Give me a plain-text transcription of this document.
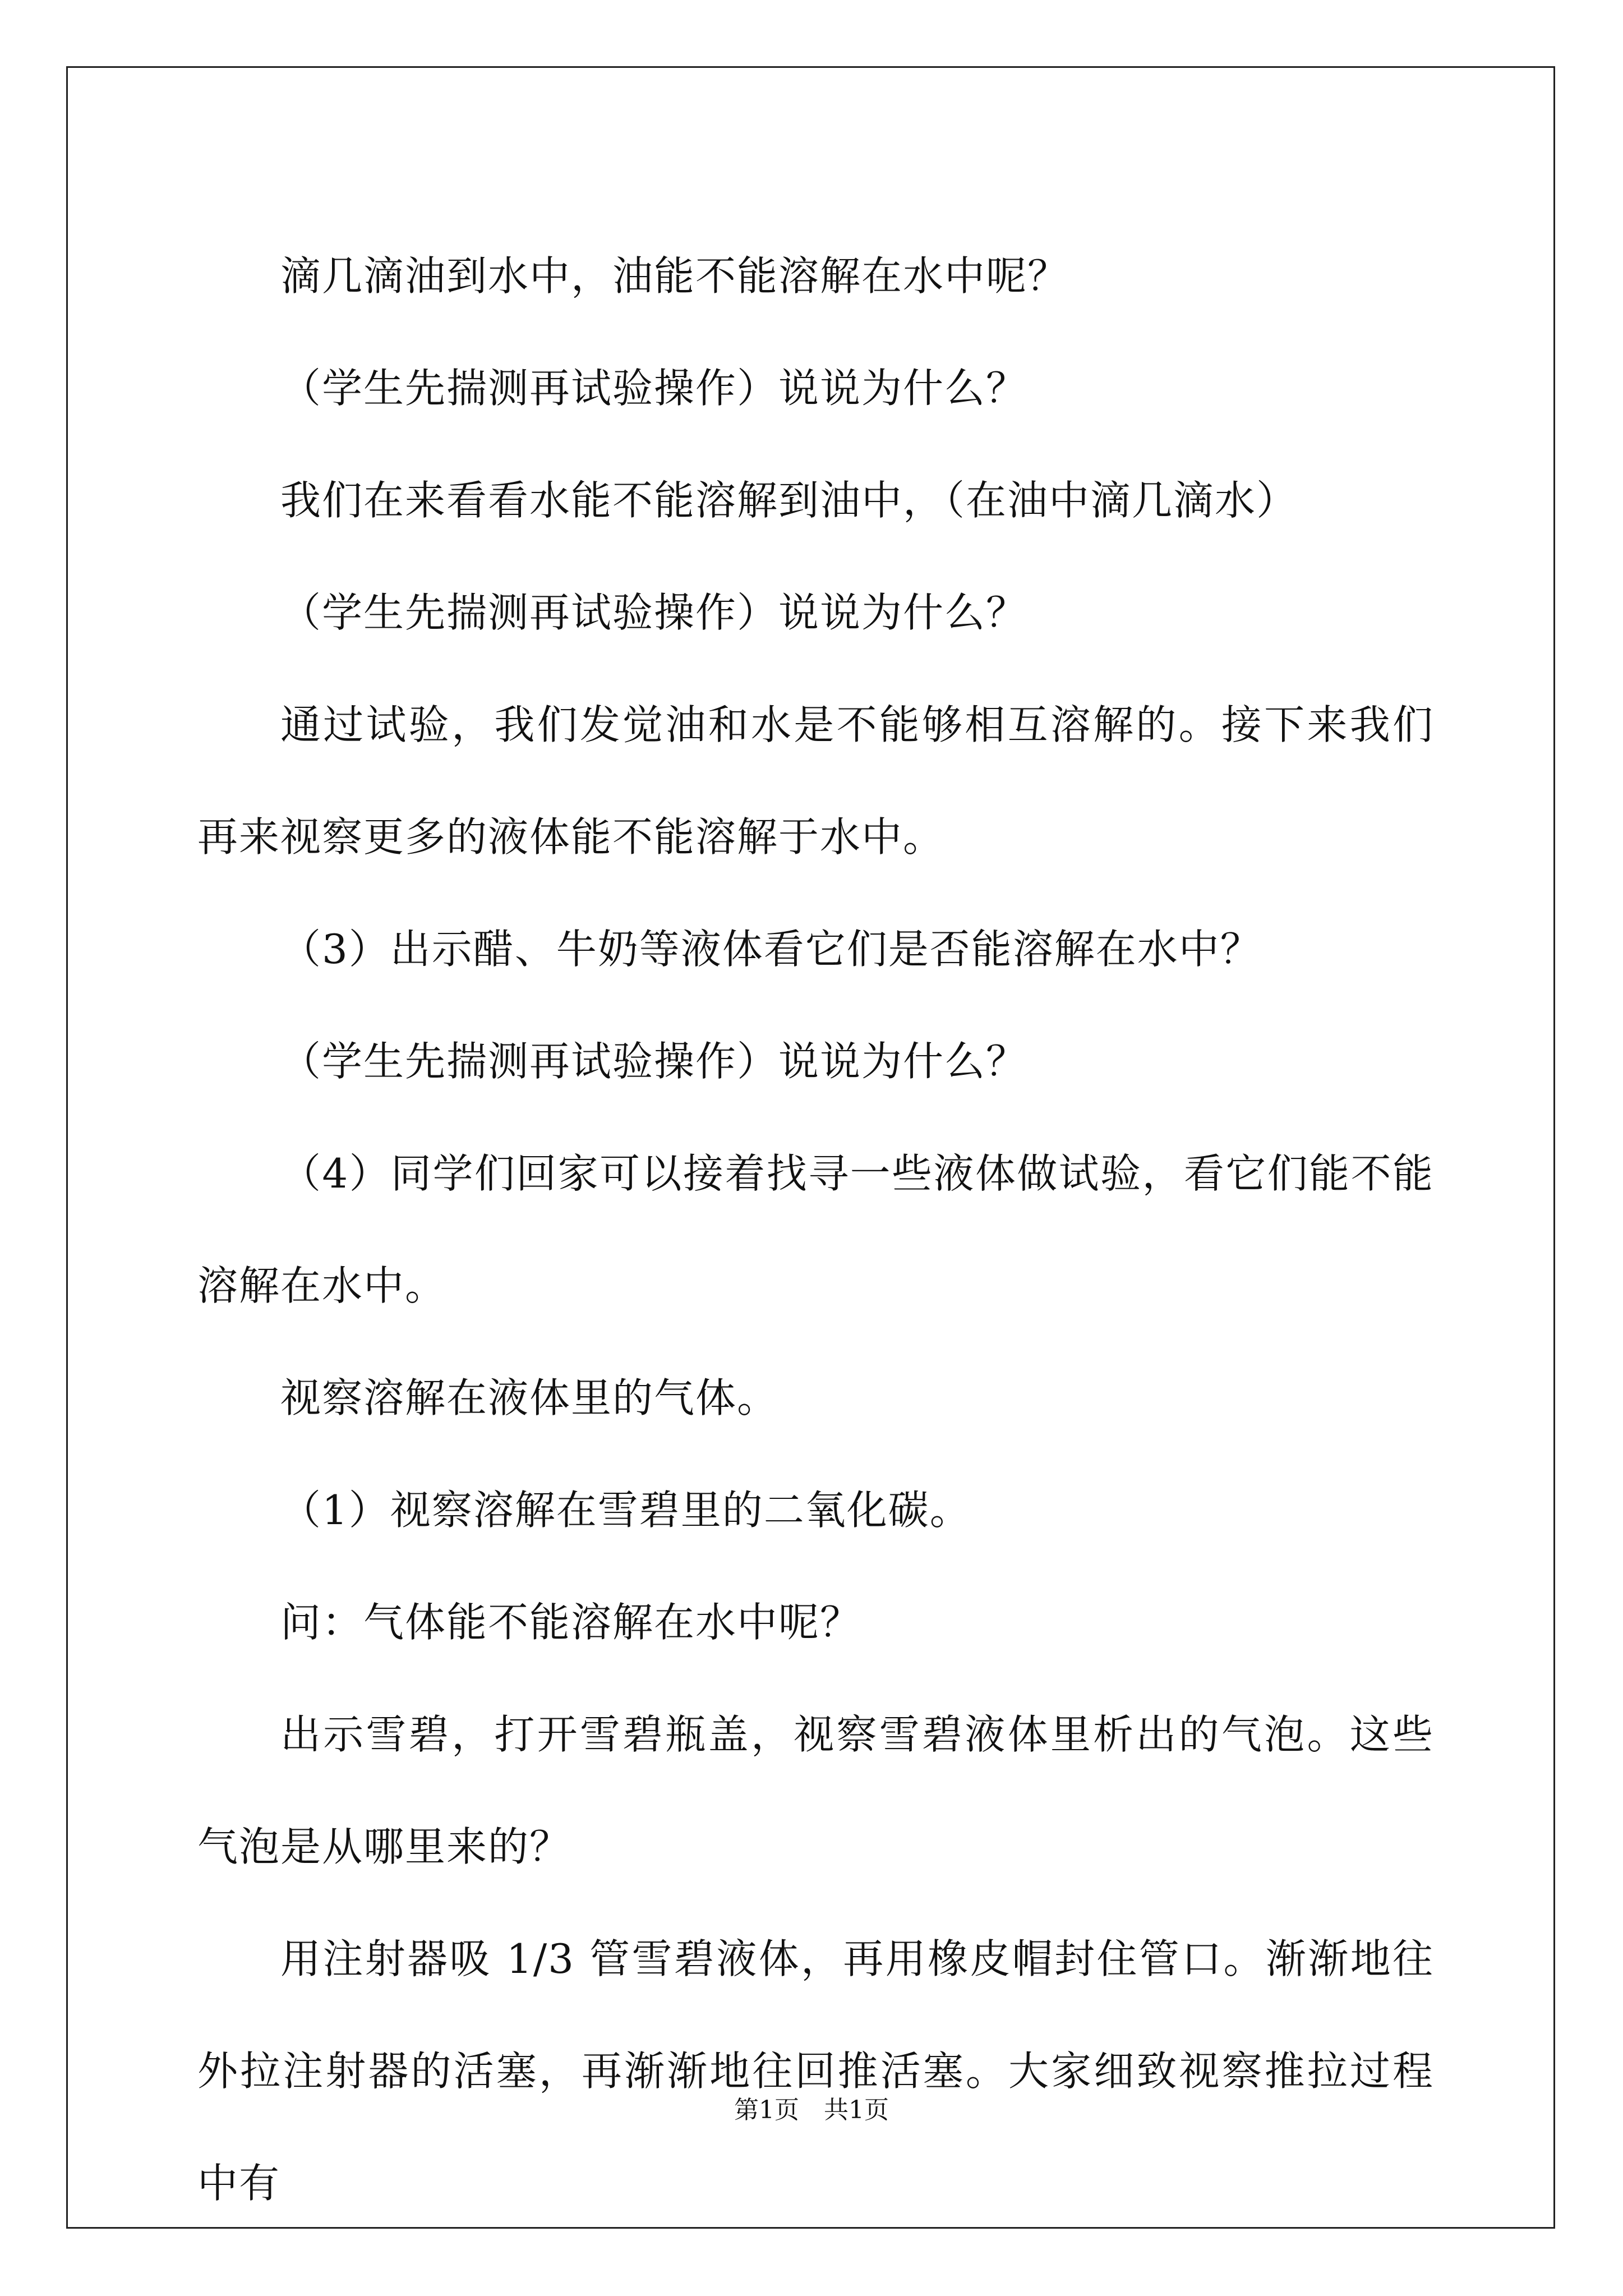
滴几滴油到水中，油能不能溶解在水中呢？

（学生先揣测再试验操作）说说为什么？

我们在来看看水能不能溶解到油中，（在油中滴几滴水）

（学生先揣测再试验操作）说说为什么？

通过试验，我们发觉油和水是不能够相互溶解的。接下来我们再来视察更多的液体能不能溶解于水中。

（3）出示醋、牛奶等液体看它们是否能溶解在水中？

（学生先揣测再试验操作）说说为什么？

（4）同学们回家可以接着找寻一些液体做试验，看它们能不能溶解在水中。

视察溶解在液体里的气体。

（1）视察溶解在雪碧里的二氧化碳。

问：气体能不能溶解在水中呢？

出示雪碧，打开雪碧瓶盖，视察雪碧液体里析出的气泡。这些气泡是从哪里来的？

用注射器吸 1/3 管雪碧液体，再用橡皮帽封住管口。渐渐地往外拉注射器的活塞，再渐渐地往回推活塞。大家细致视察推拉过程中有

第1页　共1页
